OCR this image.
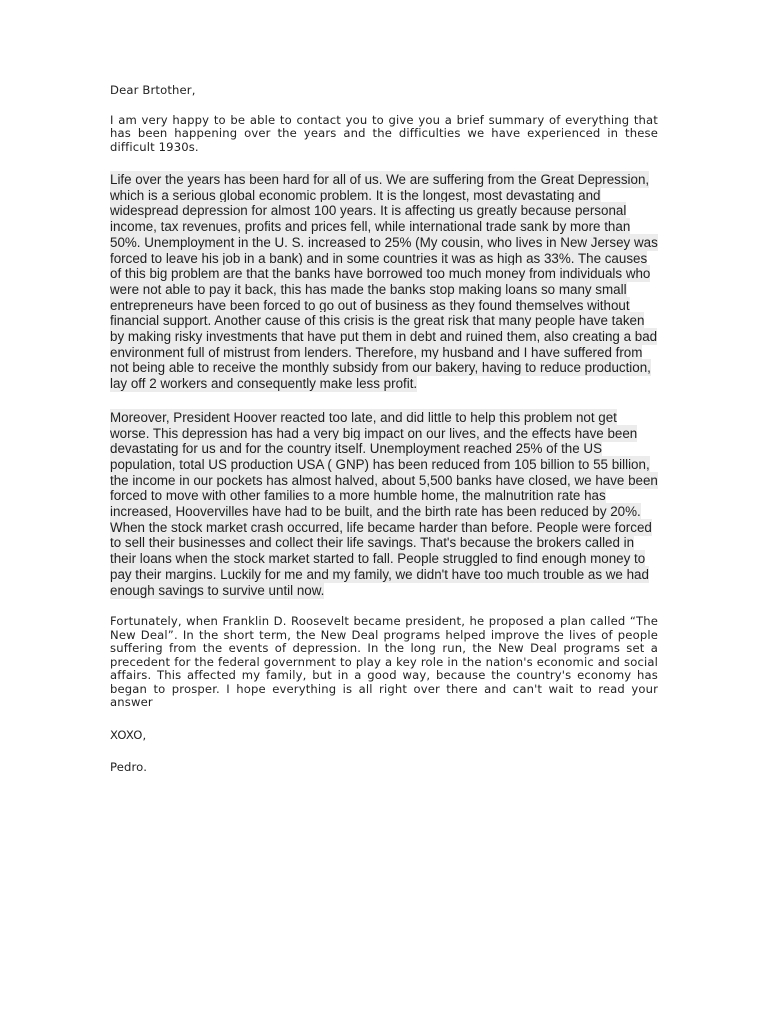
Dear Brtother,

I am very happy to be able to contact you to give you a brief summary of everything that has been happening over the years and the difficulties we have experienced in these difficult 1930s.

Life over the years has been hard for all of us. We are suffering from the Great Depression, which is a serious global economic problem. It is the longest, most devastating and widespread depression for almost 100 years. It is affecting us greatly because personal income, tax revenues, profits and prices fell, while international trade sank by more than 50%. Unemployment in the U. S. increased to 25% (My cousin, who lives in New Jersey was forced to leave his job in a bank) and in some countries it was as high as 33%. The causes of this big problem are that the banks have borrowed too much money from individuals who were not able to pay it back, this has made the banks stop making loans so many small entrepreneurs have been forced to go out of business as they found themselves without financial support. Another cause of this crisis is the great risk that many people have taken by making risky investments that have put them in debt and ruined them, also creating a bad environment full of mistrust from lenders. Therefore, my husband and I have suffered from not being able to receive the monthly subsidy from our bakery, having to reduce production, lay off 2 workers and consequently make less profit.

Moreover, President Hoover reacted too late, and did little to help this problem not get worse. This depression has had a very big impact on our lives, and the effects have been devastating for us and for the country itself. Unemployment reached 25% of the US population, total US production USA ( GNP) has been reduced from 105 billion to 55 billion, the income in our pockets has almost halved, about 5,500 banks have closed, we have been forced to move with other families to a more humble home, the malnutrition rate has increased, Hoovervilles have had to be built, and the birth rate has been reduced by 20%. When the stock market crash occurred, life became harder than before. People were forced to sell their businesses and collect their life savings. That's because the brokers called in their loans when the stock market started to fall. People struggled to find enough money to pay their margins. Luckily for me and my family, we didn't have too much trouble as we had enough savings to survive until now.

Fortunately, when Franklin D. Roosevelt became president, he proposed a plan called “The New Deal”. In the short term, the New Deal programs helped improve the lives of people suffering from the events of depression. In the long run, the New Deal programs set a precedent for the federal government to play a key role in the nation's economic and social affairs. This affected my family, but in a good way, because the country's economy has began to prosper. I hope everything is all right over there and can't wait to read your answer

XOXO,

Pedro.
